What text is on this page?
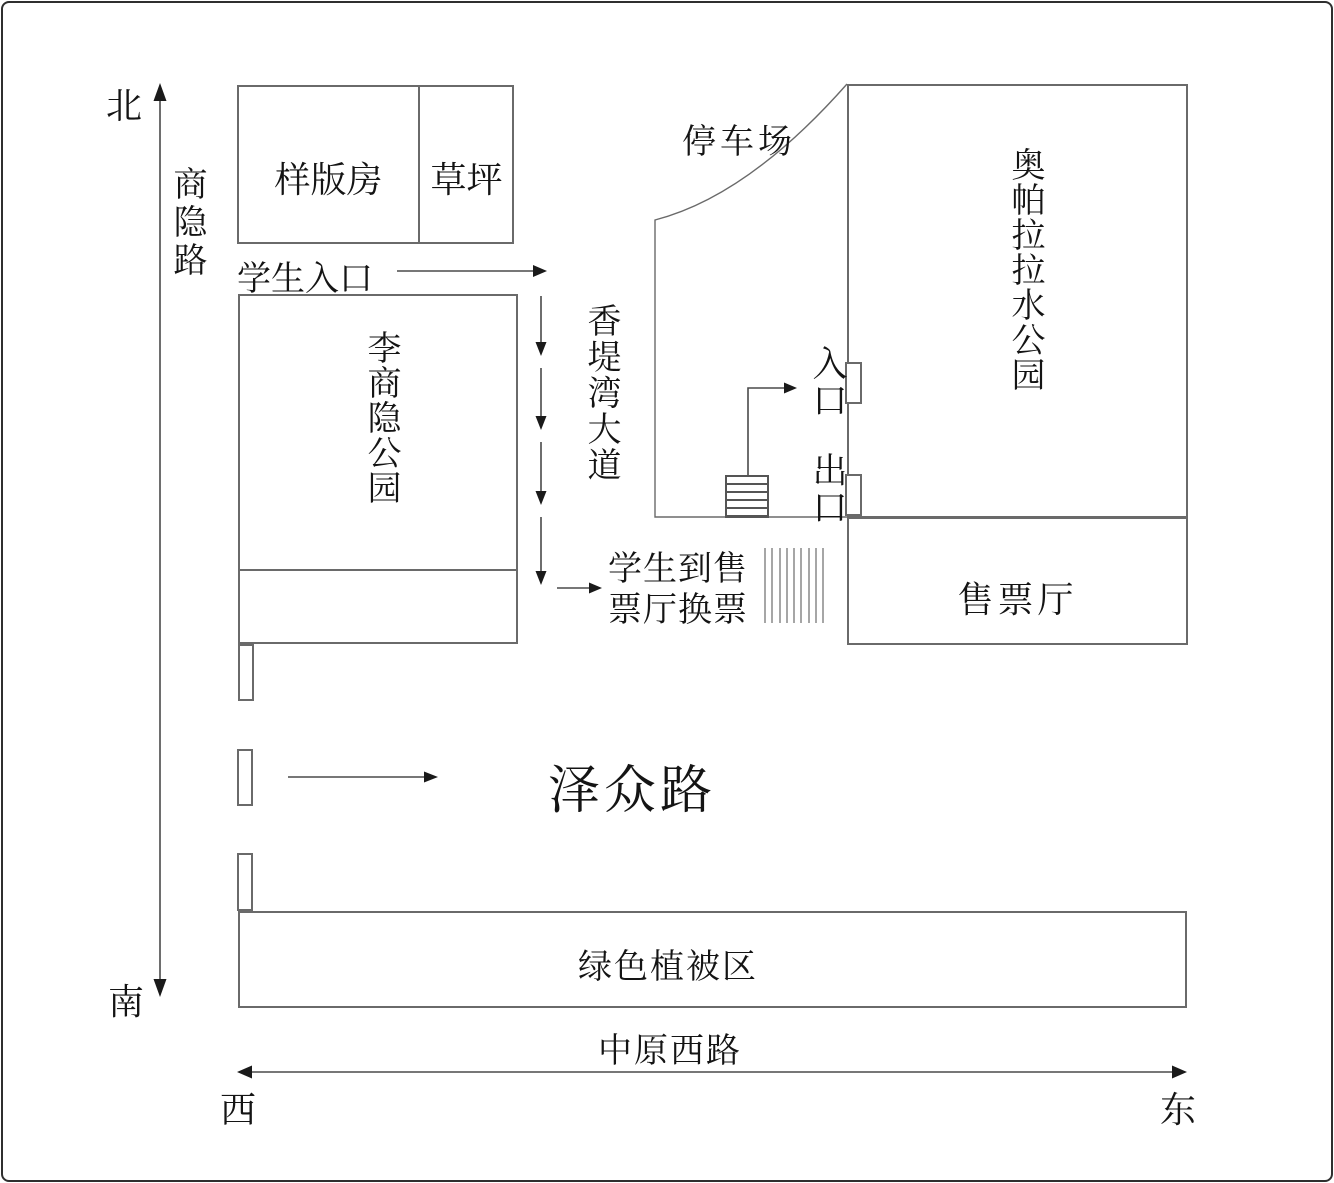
北
南
西	东
商隐路	样版房	草坪
学生入口
李商隐公园	香堤湾大道
停车场
奥帕拉拉水公园
入口
出口
售票厅
学生到售
票厅换票
泽众路
绿色植被区
中原西路
